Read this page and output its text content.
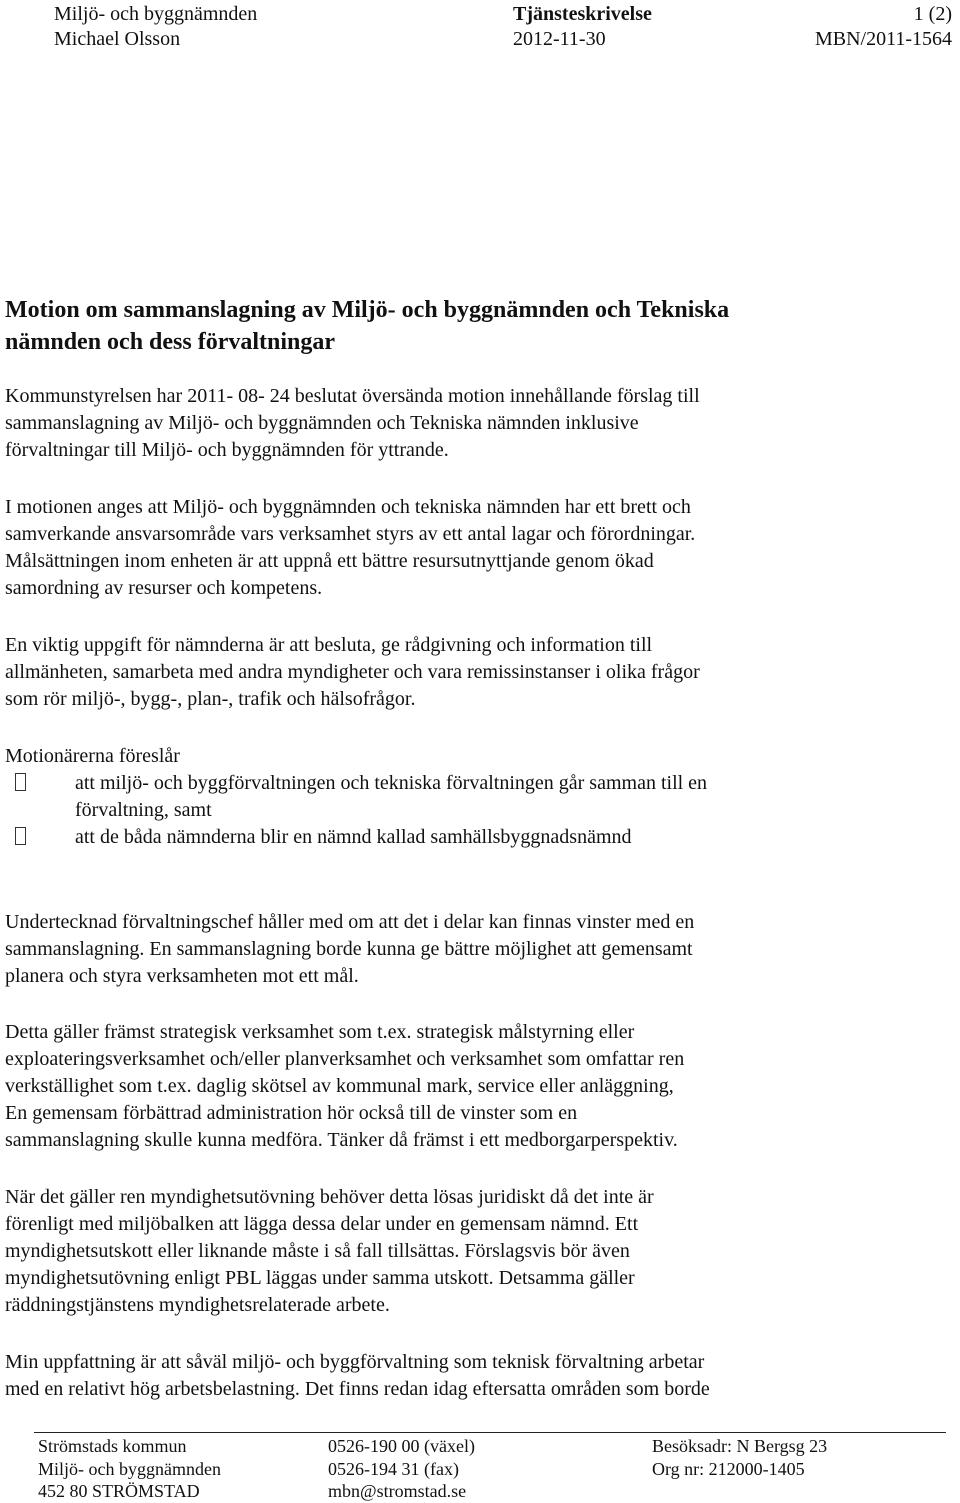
Miljö- och byggnämnden	Tjänsteskrivelse	1 (2)
Michael Olsson	2012-11-30	MBN/2011-1564
Motion om sammanslagning av Miljö- och byggnämnden och Tekniska
nämnden och dess förvaltningar
Kommunstyrelsen har 2011- 08- 24 beslutat översända motion innehållande förslag till
sammanslagning av Miljö- och byggnämnden och Tekniska nämnden inklusive
förvaltningar till Miljö- och byggnämnden för yttrande.
I motionen anges att Miljö- och byggnämnden och tekniska nämnden har ett brett och
samverkande ansvarsområde vars verksamhet styrs av ett antal lagar och förordningar.
Målsättningen inom enheten är att uppnå ett bättre resursutnyttjande genom ökad
samordning av resurser och kompetens.
En viktig uppgift för nämnderna är att besluta, ge rådgivning och information till
allmänheten, samarbeta med andra myndigheter och vara remissinstanser i olika frågor
som rör miljö-, bygg-, plan-, trafik och hälsofrågor.
Motionärerna föreslår
att miljö- och byggförvaltningen och tekniska förvaltningen går samman till en
förvaltning, samt
att de båda nämnderna blir en nämnd kallad samhällsbyggnadsnämnd
Undertecknad förvaltningschef håller med om att det i delar kan finnas vinster med en
sammanslagning. En sammanslagning borde kunna ge bättre möjlighet att gemensamt
planera och styra verksamheten mot ett mål.
Detta gäller främst strategisk verksamhet som t.ex. strategisk målstyrning eller
exploateringsverksamhet och/eller planverksamhet och verksamhet som omfattar ren
verkställighet som t.ex. daglig skötsel av kommunal mark, service eller anläggning,
En gemensam förbättrad administration hör också till de vinster som en
sammanslagning skulle kunna medföra. Tänker då främst i ett medborgarperspektiv.
När det gäller ren myndighetsutövning behöver detta lösas juridiskt då det inte är
förenligt med miljöbalken att lägga dessa delar under en gemensam nämnd. Ett
myndighetsutskott eller liknande måste i så fall tillsättas. Förslagsvis bör även
myndighetsutövning enligt PBL läggas under samma utskott. Detsamma gäller
räddningstjänstens myndighetsrelaterade arbete.
Min uppfattning är att såväl miljö- och byggförvaltning som teknisk förvaltning arbetar
med en relativt hög arbetsbelastning. Det finns redan idag eftersatta områden som borde
Strömstads kommun
Miljö- och byggnämnden
452 80 STRÖMSTAD
0526-190 00 (växel)
0526-194 31 (fax)
mbn@stromstad.se
Besöksadr: N Bergsg 23
Org nr: 212000-1405
